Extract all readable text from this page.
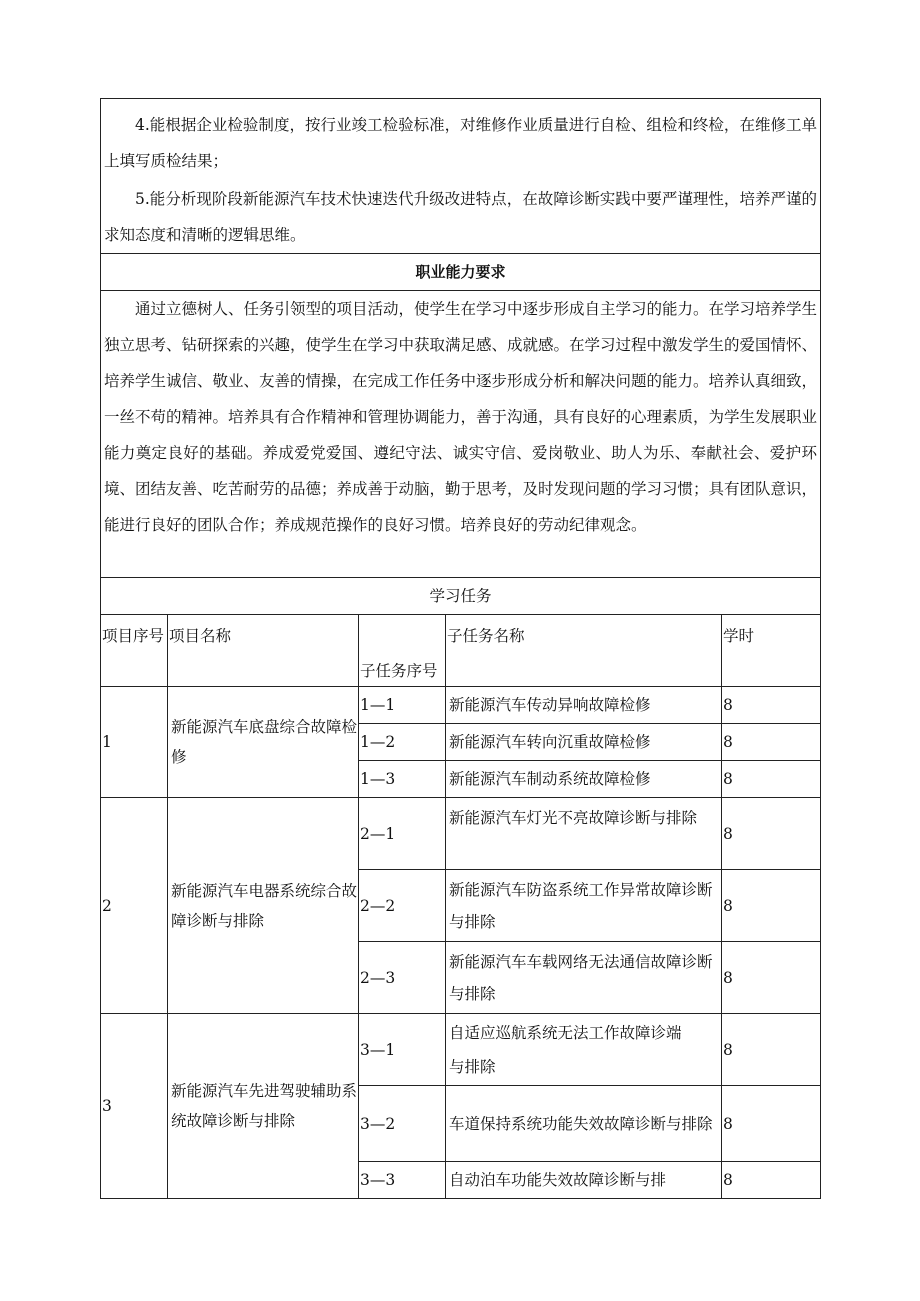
4.能根据企业检验制度，按行业竣工检验标准，对维修作业质量进行自检、组检和终检，在维修工单上填写质检结果；
5.能分析现阶段新能源汽车技术快速迭代升级改进特点，在故障诊断实践中要严谨理性，培养严谨的求知态度和清晰的逻辑思维。				

职业能力要求				

通过立德树人、任务引领型的项目活动，使学生在学习中逐步形成自主学习的能力。在学习培养学生独立思考、钻研探索的兴趣，使学生在学习中获取满足感、成就感。在学习过程中激发学生的爱国情怀、培养学生诚信、敬业、友善的情操，在完成工作任务中逐步形成分析和解决问题的能力。培养认真细致，一丝不苟的精神。培养具有合作精神和管理协调能力，善于沟通，具有良好的心理素质，为学生发展职业能力奠定良好的基础。养成爱党爱国、遵纪守法、诚实守信、爱岗敬业、助人为乐、奉献社会、爱护环境、团结友善、吃苦耐劳的品德；养成善于动脑，勤于思考，及时发现问题的学习习惯；具有团队意识，能进行良好的团队合作；养成规范操作的良好习惯。培养良好的劳动纪律观念。				

学习任务				
项目序号	项目名称	子任务序号	子任务名称	学时
1	新能源汽车底盘综合故障检修	1—1	新能源汽车传动异响故障检修	8
		1—2	新能源汽车转向沉重故障检修	8
		1—3	新能源汽车制动系统故障检修	8
2	新能源汽车电器系统综合故障诊断与排除	2—1	新能源汽车灯光不亮故障诊断与排除	8
		2—2	新能源汽车防盗系统工作异常故障诊断与排除	8
		2—3	新能源汽车车载网络无法通信故障诊断与排除	8
3	新能源汽车先进驾驶辅助系统故障诊断与排除	3—1	自适应巡航系统无法工作故障诊端与排除	8
		3—2	车道保持系统功能失效故障诊断与排除	8
		3—3	自动泊车功能失效故障诊断与排	8
